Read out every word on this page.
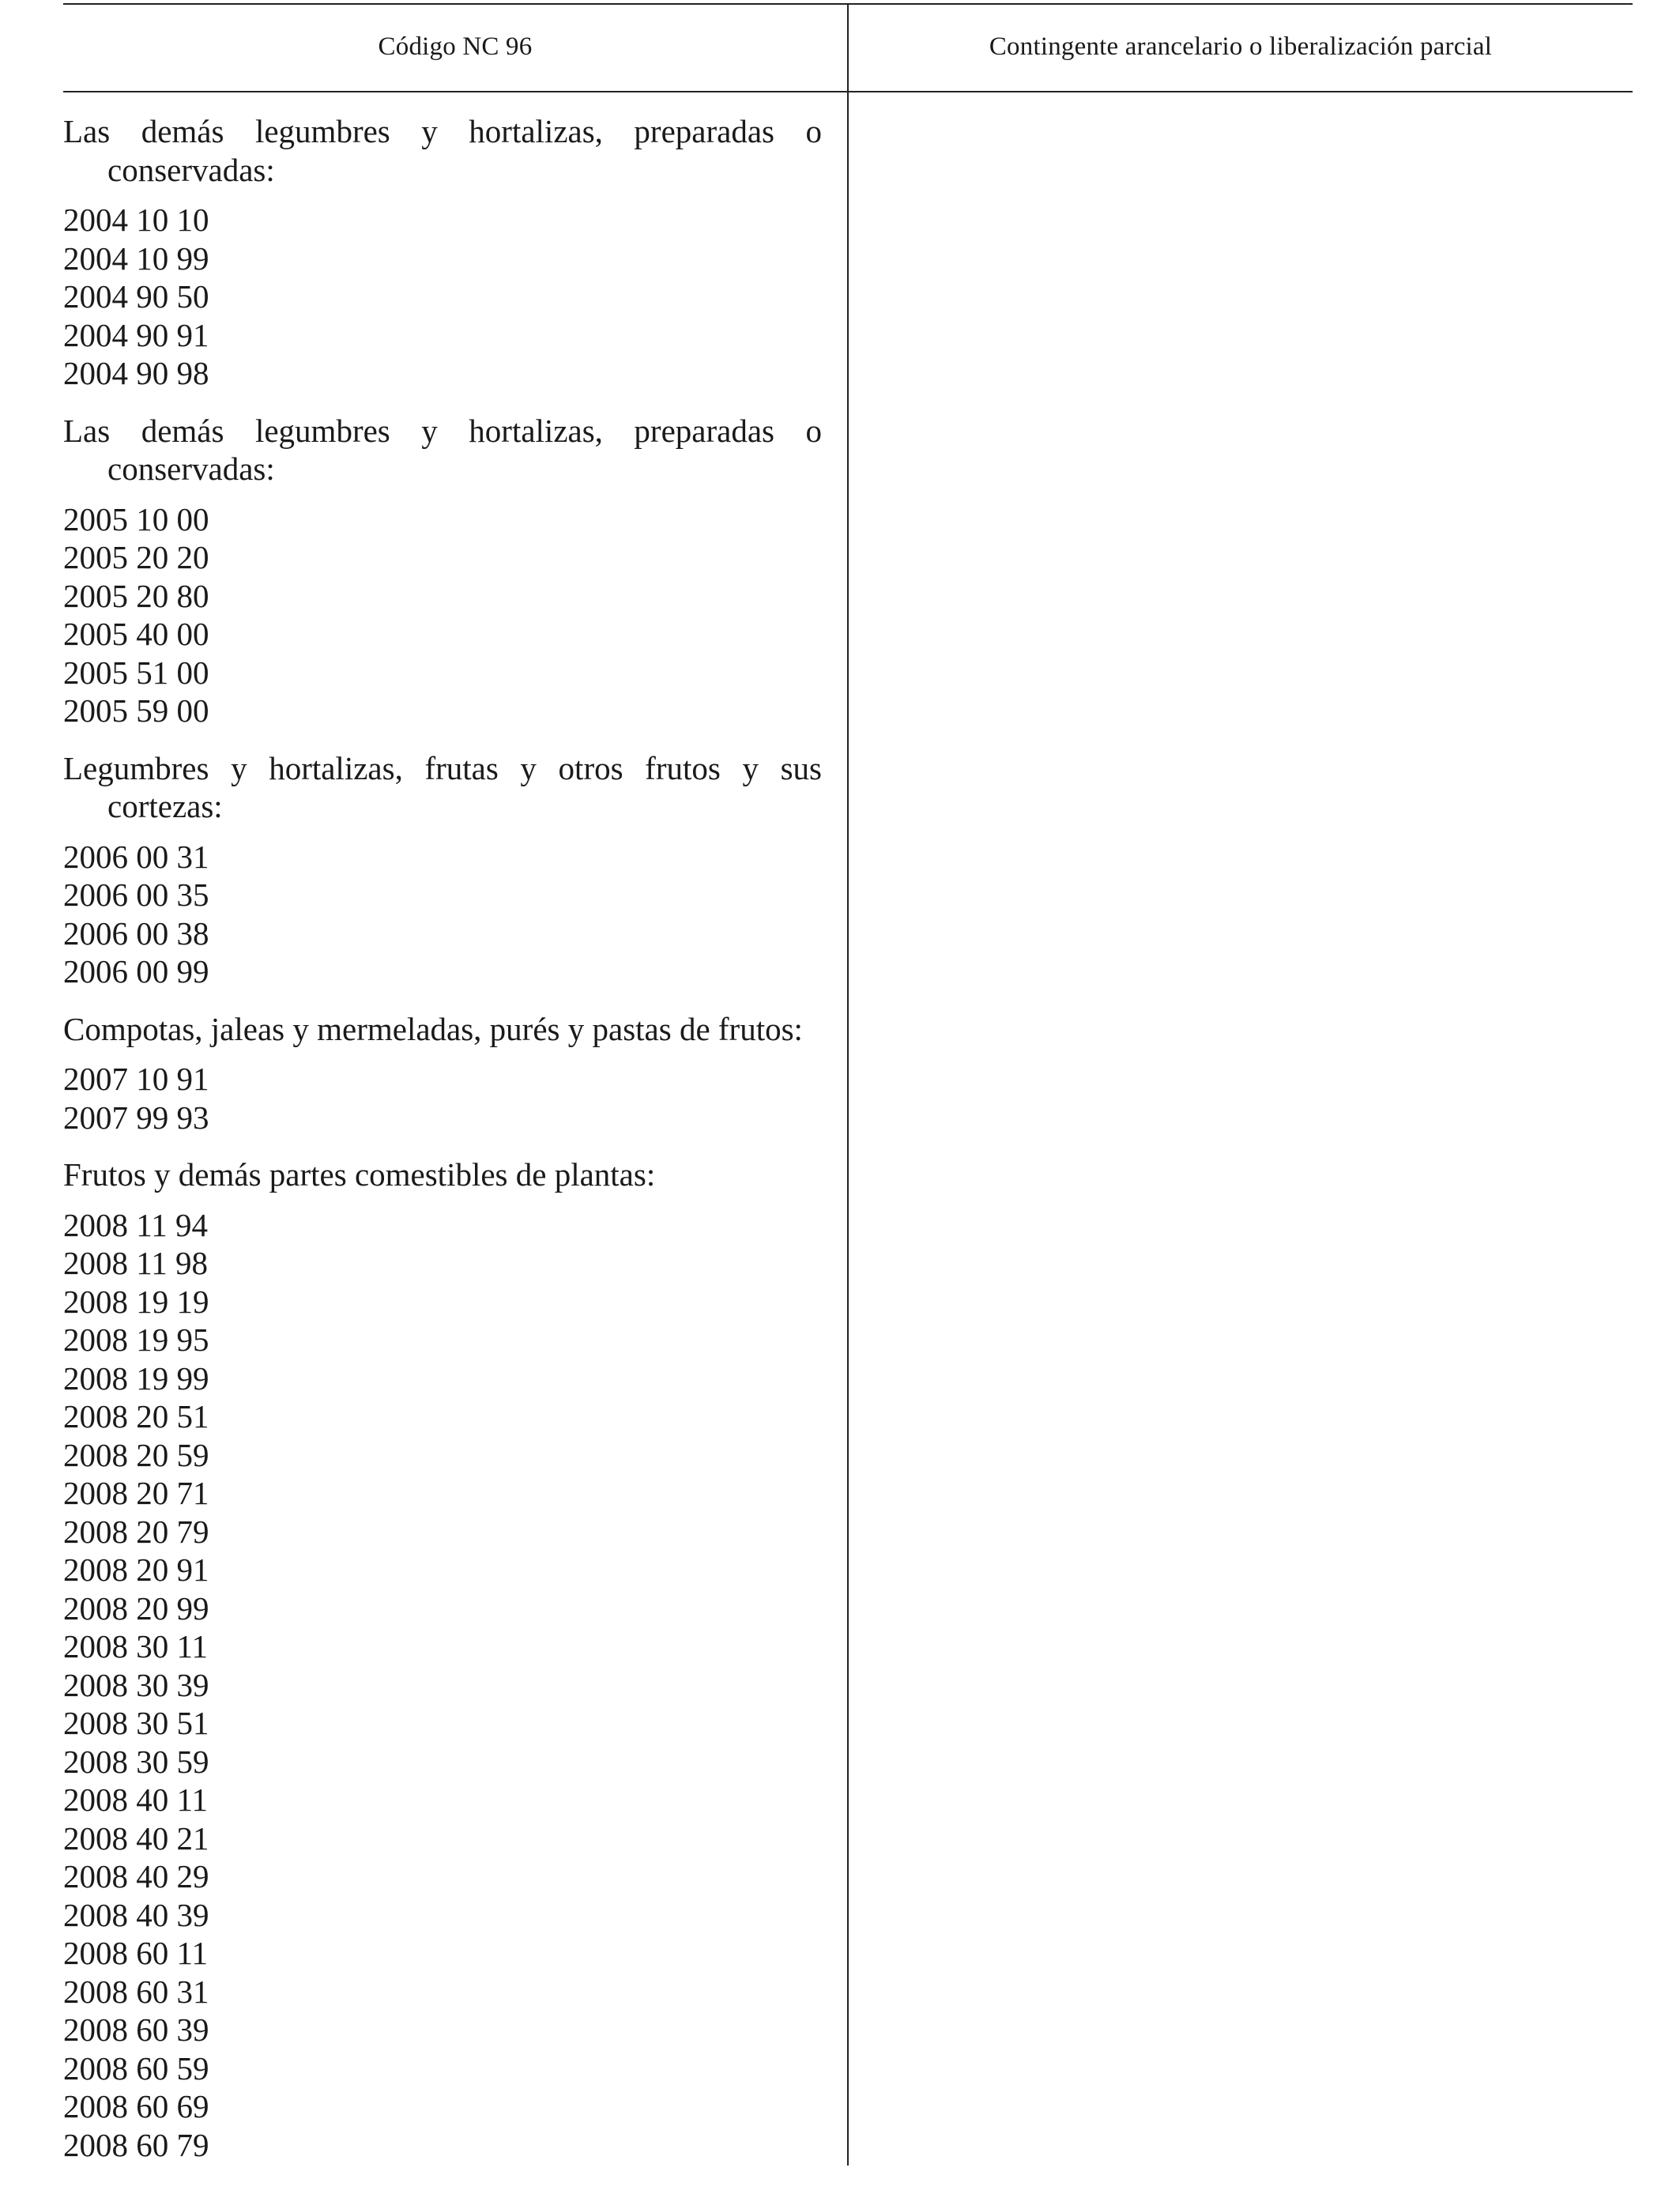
Código NC 96	Contingente arancelario o liberalización parcial

Las demás legumbres y hortalizas, preparadas o conservadas:

2004 10 10
2004 10 99
2004 90 50
2004 90 91
2004 90 98

Las demás legumbres y hortalizas, preparadas o conservadas:

2005 10 00
2005 20 20
2005 20 80
2005 40 00
2005 51 00
2005 59 00

Legumbres y hortalizas, frutas y otros frutos y sus cortezas:

2006 00 31
2006 00 35
2006 00 38
2006 00 99

Compotas, jaleas y mermeladas, purés y pastas de frutos:

2007 10 91
2007 99 93

Frutos y demás partes comestibles de plantas:

2008 11 94
2008 11 98
2008 19 19
2008 19 95
2008 19 99
2008 20 51
2008 20 59
2008 20 71
2008 20 79
2008 20 91
2008 20 99
2008 30 11
2008 30 39
2008 30 51
2008 30 59
2008 40 11
2008 40 21
2008 40 29
2008 40 39
2008 60 11
2008 60 31
2008 60 39
2008 60 59
2008 60 69
2008 60 79
